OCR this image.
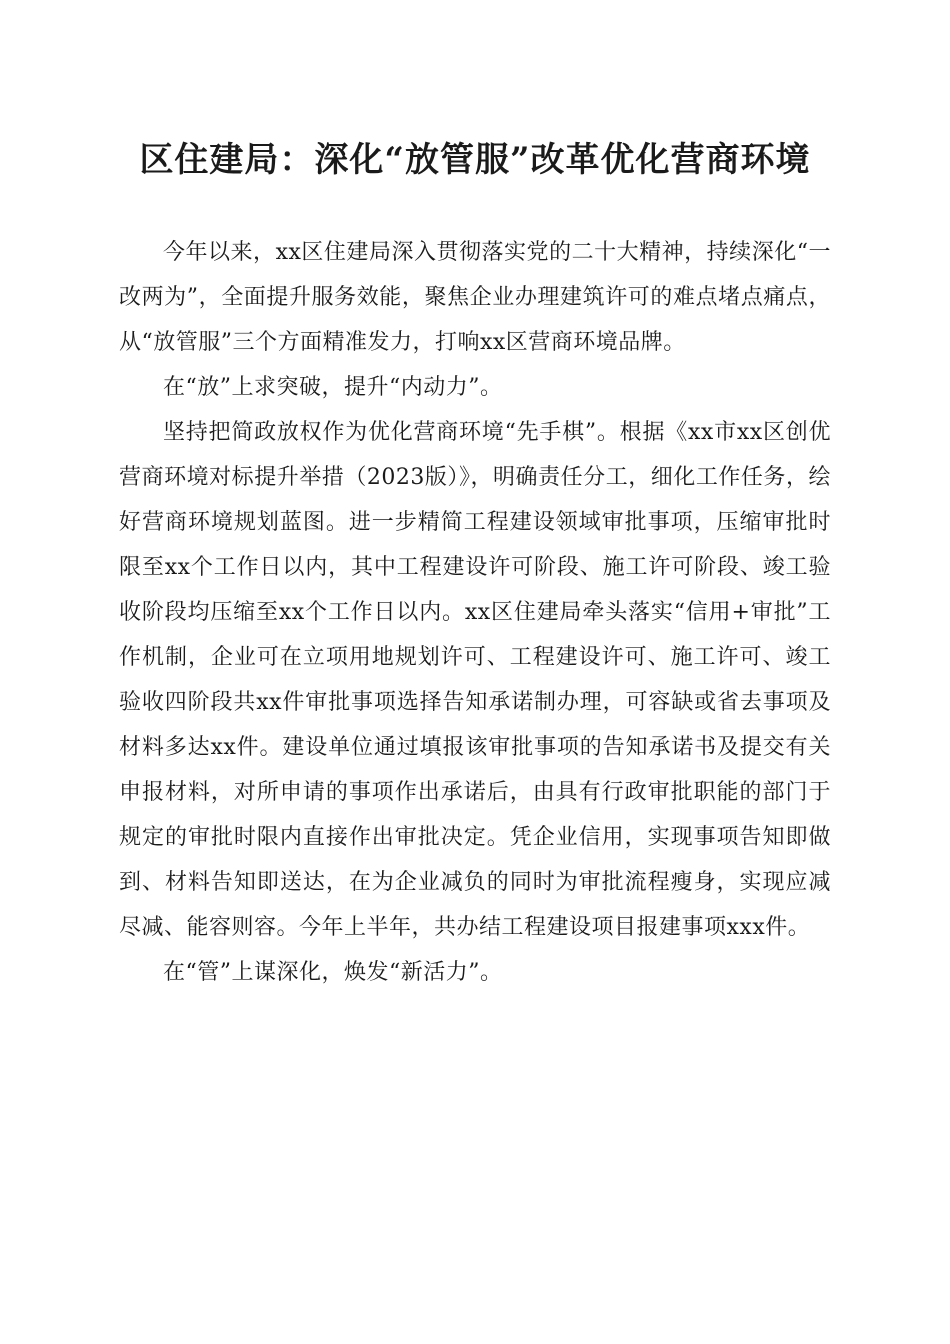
区住建局：深化“放管服”改革优化营商环境

今年以来，xx区住建局深入贯彻落实党的二十大精神，持续深化“一改两为”，全面提升服务效能，聚焦企业办理建筑许可的难点堵点痛点，从“放管服”三个方面精准发力，打响xx区营商环境品牌。

在“放”上求突破，提升“内动力”。

坚持把简政放权作为优化营商环境“先手棋”。根据《xx市xx区创优营商环境对标提升举措（2023版）》，明确责任分工，细化工作任务，绘好营商环境规划蓝图。进一步精简工程建设领域审批事项，压缩审批时限至xx个工作日以内，其中工程建设许可阶段、施工许可阶段、竣工验收阶段均压缩至xx个工作日以内。xx区住建局牵头落实“信用+审批”工作机制，企业可在立项用地规划许可、工程建设许可、施工许可、竣工验收四阶段共xx件审批事项选择告知承诺制办理，可容缺或省去事项及材料多达xx件。建设单位通过填报该审批事项的告知承诺书及提交有关申报材料，对所申请的事项作出承诺后，由具有行政审批职能的部门于规定的审批时限内直接作出审批决定。凭企业信用，实现事项告知即做到、材料告知即送达，在为企业减负的同时为审批流程瘦身，实现应减尽减、能容则容。今年上半年，共办结工程建设项目报建事项xxx件。

在“管”上谋深化，焕发“新活力”。
